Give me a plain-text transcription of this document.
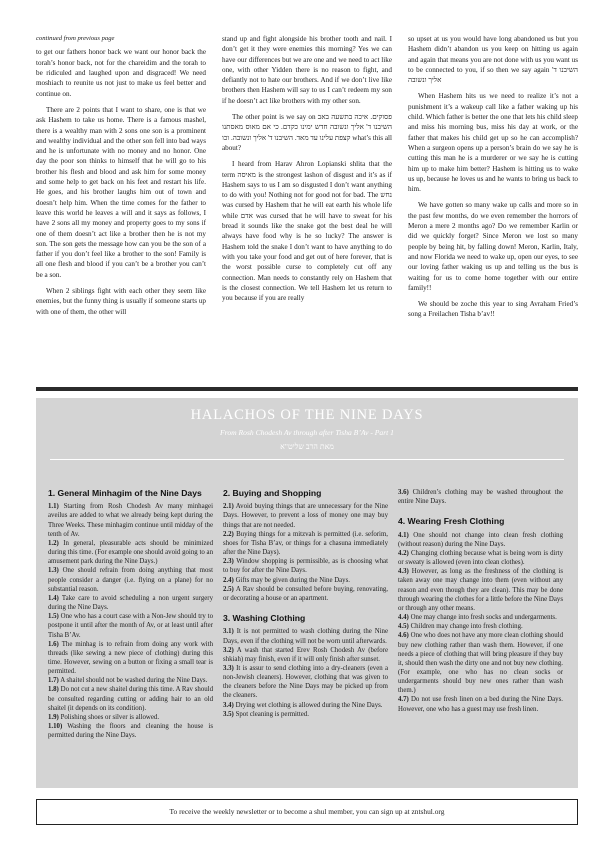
continued from previous page

to get our fathers honor back we want our honor back the torah’s honor back, not for the chareidim and the torah to be ridiculed and laughed upon and disgraced! We need moshiach to reunite us not just to make us feel better and continue on.

There are 2 points that I want to share, one is that we ask Hashem to take us home. There is a famous mashel, there is a wealthy man with 2 sons one son is a prominent and wealthy individual and the other son fell into bad ways and he is unfortunate with no money and no honor. One day the poor son thinks to himself that he will go to his brother his flesh and blood and ask him for some money and some help to get back on his feet and restart his life. He goes, and his brother laughs him out of town and doesn’t help him. When the time comes for the father to leave this world he leaves a will and it says as follows, I have 2 sons all my money and property goes to my sons if one of them doesn’t act like a brother then he is not my son. The son gets the message how can you be the son of a father if you don’t feel like a brother to the son! Family is all one flesh and blood if you can’t be a brother you can’t be a son.

When 2 siblings fight with each other they seem like enemies, but the funny thing is usually if someone starts up with one of them, the other will

stand up and fight alongside his brother tooth and nail. I don’t get it they were enemies this morning? Yes we can have our differences but we are one and we need to act like one, with other Yidden there is no reason to fight, and defiantly not to hate our brothers. And if we don’t live like brothers then Hashem will say to us I can’t redeem my son if he doesn’t act like brothers with my other son.

The other point is we say on איכה בתשעה באב פסוקים. השיבנו ד' אליך ונשובה חדש ימינו כקדם. כי אם מאוס מאסתנו קצפת עלינו עד מאד. השיבנו ד' אליך ונשובה. וכו what’s this all about?

I heard from Harav Ahron Lopianski shlita that the term מאיסה is the strongest lashon of disgust and it’s as if Hashem says to us I am so disgusted I don’t want anything to do with you! Nothing not for good not for bad. The נחש was cursed by Hashem that he will eat earth his whole life while אדם was cursed that he will have to sweat for his bread it sounds like the snake got the best deal he will always have food why is he so lucky? The answer is Hashem told the snake I don’t want to have anything to do with you take your food and get out of here forever, that is the worst possible curse to completely cut off any connection. Man needs to constantly rely on Hashem that is the closest connection. We tell Hashem let us return to you because if you are really

so upset at us you would have long abandoned us but you Hashem didn’t abandon us you keep on hitting us again and again that means you are not done with us you want us to be connected to you, if so then we say again השיבנו ד' אליך ונשובה

When Hashem hits us we need to realize it’s not a punishment it’s a wakeup call like a father waking up his child. Which father is better the one that lets his child sleep and miss his morning bus, miss his day at work, or the father that makes his child get up so he can accomplish? When a surgeon opens up a person’s brain do we say he is cutting this man he is a murderer or we say he is cutting him up to make him better? Hashem is hitting us to wake us up, because he loves us and he wants to bring us back to him.

We have gotten so many wake up calls and more so in the past few months, do we even remember the horrors of Meron a mere 2 months ago? Do we remember Karlin or did we quickly forget? Since Meron we lost so many people by being hit, by falling down! Meron, Karlin, Italy, and now Florida we need to wake up, open our eyes, to see our loving father waking us up and telling us the bus is waiting for us to come home together with our entire family!!

We should be zoche this year to sing Avraham Fried’s song a Freilachen Tisha b’av!!

HALACHOS OF THE NINE DAYS
From Rosh Chodesh Av through after Tisha B’Av - Part 1
מאת הרב שליט"א
1. General Minhagim of the Nine Days

1.1) Starting from Rosh Chodesh Av many minhagei aveilus are added to what we already being kept during the Three Weeks. These minhagim continue until midday of the tenth of Av.

1.2) In general, pleasurable acts should be minimized during this time. (For example one should avoid going to an amusement park during the Nine Days.)

1.3) One should refrain from doing anything that most people consider a danger (i.e. flying on a plane) for no substantial reason.

1.4) Take care to avoid scheduling a non urgent surgery during the Nine Days.

1.5) One who has a court case with a Non-Jew should try to postpone it until after the month of Av, or at least until after Tisha B’Av.

1.6) The minhag is to refrain from doing any work with threads (like sewing a new piece of clothing) during this time. However, sewing on a button or fixing a small tear is permitted.

1.7) A shaitel should not be washed during the Nine Days.

1.8) Do not cut a new shaitel during this time. A Rav should be consulted regarding cutting or adding hair to an old shaitel (it depends on its condition).

1.9) Polishing shoes or silver is allowed.

1.10) Washing the floors and cleaning the house is permitted during the Nine Days.

2. Buying and Shopping

2.1) Avoid buying things that are unnecessary for the Nine Days. However, to prevent a loss of money one may buy things that are not needed.

2.2) Buying things for a mitzvah is permitted (i.e. seforim, shoes for Tisha B’av, or things for a chasuna immediately after the Nine Days).

2.3) Window shopping is permissible, as is choosing what to buy for after the Nine Days.

2.4) Gifts may be given during the Nine Days.

2.5) A Rav should be consulted before buying, renovating, or decorating a house or an apartment.

3. Washing Clothing

3.1) It is not permitted to wash clothing during the Nine Days, even if the clothing will not be worn until afterwards.

3.2) A wash that started Erev Rosh Chodesh Av (before shkiah) may finish, even if it will only finish after sunset.

3.3) It is assur to send clothing into a dry-cleaners (even a non-Jewish cleaners). However, clothing that was given to the cleaners before the Nine Days may be picked up from the cleaners.

3.4) Drying wet clothing is allowed during the Nine Days.

3.5) Spot cleaning is permitted.

3.6) Children’s clothing may be washed throughout the entire Nine Days.

4. Wearing Fresh Clothing

4.1) One should not change into clean fresh clothing (without reason) during the Nine Days.

4.2) Changing clothing because what is being worn is dirty or sweaty is allowed (even into clean clothes).

4.3) However, as long as the freshness of the clothing is taken away one may change into them (even without any reason and even though they are clean). This may be done through wearing the clothes for a little before the Nine Days or through any other means.

4.4) One may change into fresh socks and undergarments.

4.5) Children may change into fresh clothing.

4.6) One who does not have any more clean clothing should buy new clothing rather than wash them. However, if one needs a piece of clothing that will bring pleasure if they buy it, should then wash the dirty one and not buy new clothing. (For example, one who has no clean socks or undergarments should buy new ones rather than wash them.)

4.7) Do not use fresh linen on a bed during the Nine Days. However, one who has a guest may use fresh linen.

To receive the weekly newsletter or to become a shul member, you can sign up at zntshul.org
